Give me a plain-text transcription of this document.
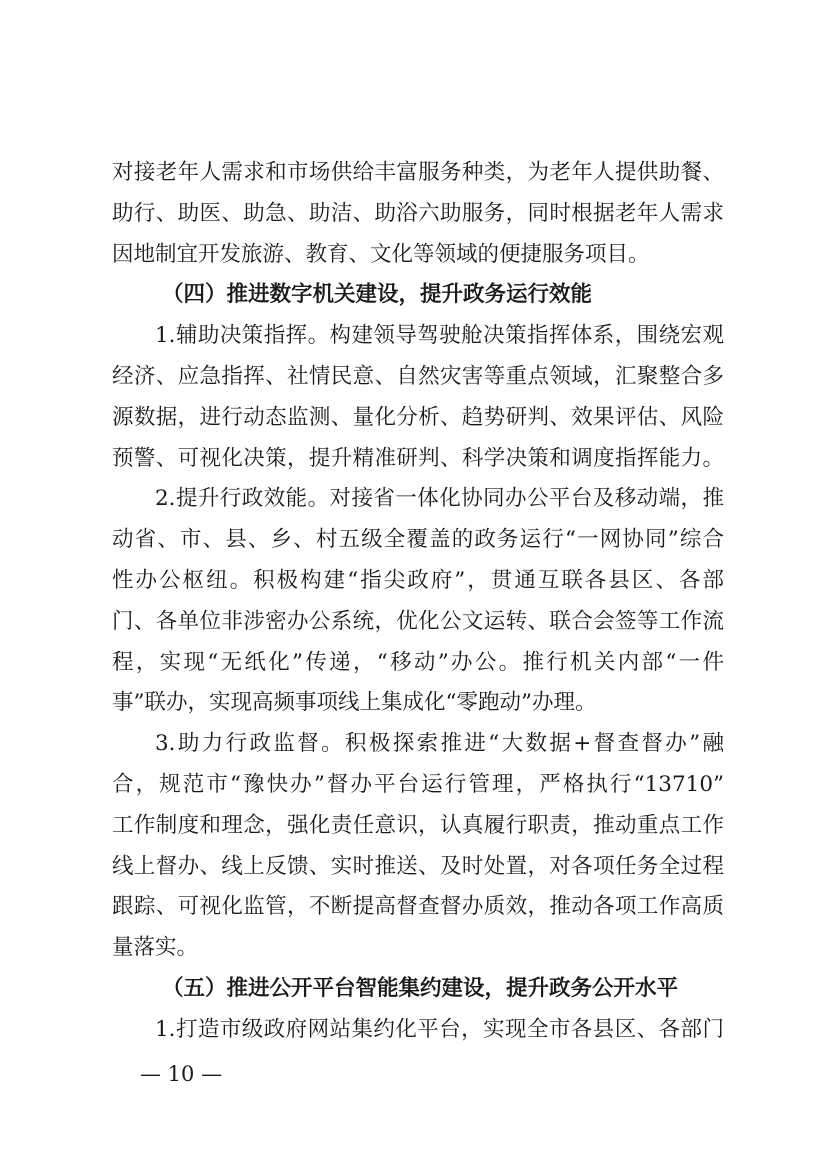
对接老年人需求和市场供给丰富服务种类，为老年人提供助餐、
助行、助医、助急、助洁、助浴六助服务，同时根据老年人需求
因地制宜开发旅游、教育、文化等领域的便捷服务项目。
（四）推进数字机关建设，提升政务运行效能
1.辅助决策指挥。构建领导驾驶舱决策指挥体系，围绕宏观
经济、应急指挥、社情民意、自然灾害等重点领域，汇聚整合多
源数据，进行动态监测、量化分析、趋势研判、效果评估、风险
预警、可视化决策，提升精准研判、科学决策和调度指挥能力。
2.提升行政效能。对接省一体化协同办公平台及移动端，推
动省、市、县、乡、村五级全覆盖的政务运行“一网协同”综合
性办公枢纽。积极构建“指尖政府”，贯通互联各县区、各部
门、各单位非涉密办公系统，优化公文运转、联合会签等工作流
程，实现“无纸化”传递，“移动”办公。推行机关内部“一件
事”联办，实现高频事项线上集成化“零跑动”办理。
3.助力行政监督。积极探索推进“大数据+督查督办”融
合，规范市“豫快办”督办平台运行管理，严格执行“13710”
工作制度和理念，强化责任意识，认真履行职责，推动重点工作
线上督办、线上反馈、实时推送、及时处置，对各项任务全过程
跟踪、可视化监管，不断提高督查督办质效，推动各项工作高质
量落实。
（五）推进公开平台智能集约建设，提升政务公开水平
1.打造市级政府网站集约化平台，实现全市各县区、各部门
— 10 —
